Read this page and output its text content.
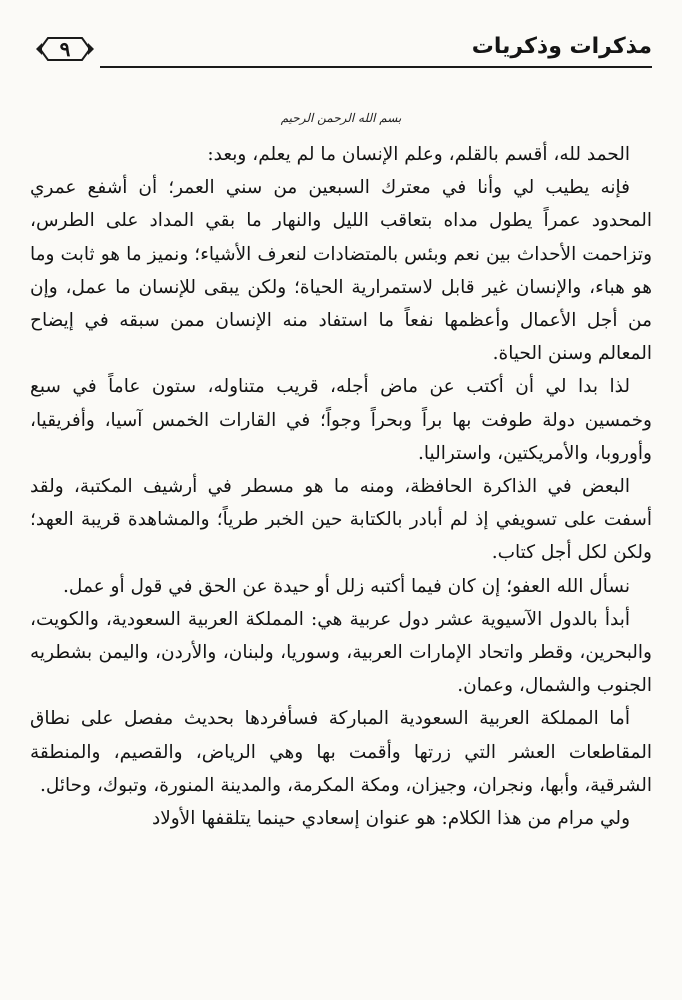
٩	مذكرات وذكريات
بسم الله الرحمن الرحيم

الحمد لله، أقسم بالقلم، وعلم الإنسان ما لم يعلم، وبعد:

فإنه يطيب لي وأنا في معترك السبعين من سني العمر؛ أن أشفع عمري المحدود عمراً يطول مداه بتعاقب الليل والنهار ما بقي المداد على الطرس، وتزاحمت الأحداث بين نعم وبئس بالمتضادات لنعرف الأشياء؛ ونميز ما هو ثابت وما هو هباء، والإنسان غير قابل لاستمرارية الحياة؛ ولكن يبقى للإنسان ما عمل، وإن من أجل الأعمال وأعظمها نفعاً ما استفاد منه الإنسان ممن سبقه في إيضاح المعالم وسنن الحياة.

لذا بدا لي أن أكتب عن ماض أجله، قريب متناوله، ستون عاماً في سبع وخمسين دولة طوفت بها براً وبحراً وجواً؛ في القارات الخمس آسيا، وأفريقيا، وأوروبا، والأمريكتين، واستراليا.

البعض في الذاكرة الحافظة، ومنه ما هو مسطر في أرشيف المكتبة، ولقد أسفت على تسويفي إذ لم أبادر بالكتابة حين الخبر طرياً؛ والمشاهدة قريبة العهد؛ ولكن لكل أجل كتاب.

نسأل الله العفو؛ إن كان فيما أكتبه زلل أو حيدة عن الحق في قول أو عمل.

أبدأ بالدول الآسيوية عشر دول عربية هي: المملكة العربية السعودية، والكويت، والبحرين، وقطر واتحاد الإمارات العربية، وسوريا، ولبنان، والأردن، واليمن بشطريه الجنوب والشمال، وعمان.

أما المملكة العربية السعودية المباركة فسأفردها بحديث مفصل على نطاق المقاطعات العشر التي زرتها وأقمت بها وهي الرياض، والقصيم، والمنطقة الشرقية، وأبها، ونجران، وجيزان، ومكة المكرمة، والمدينة المنورة، وتبوك، وحائل.

ولي مرام من هذا الكلام: هو عنوان إسعادي حينما يتلقفها الأولاد
